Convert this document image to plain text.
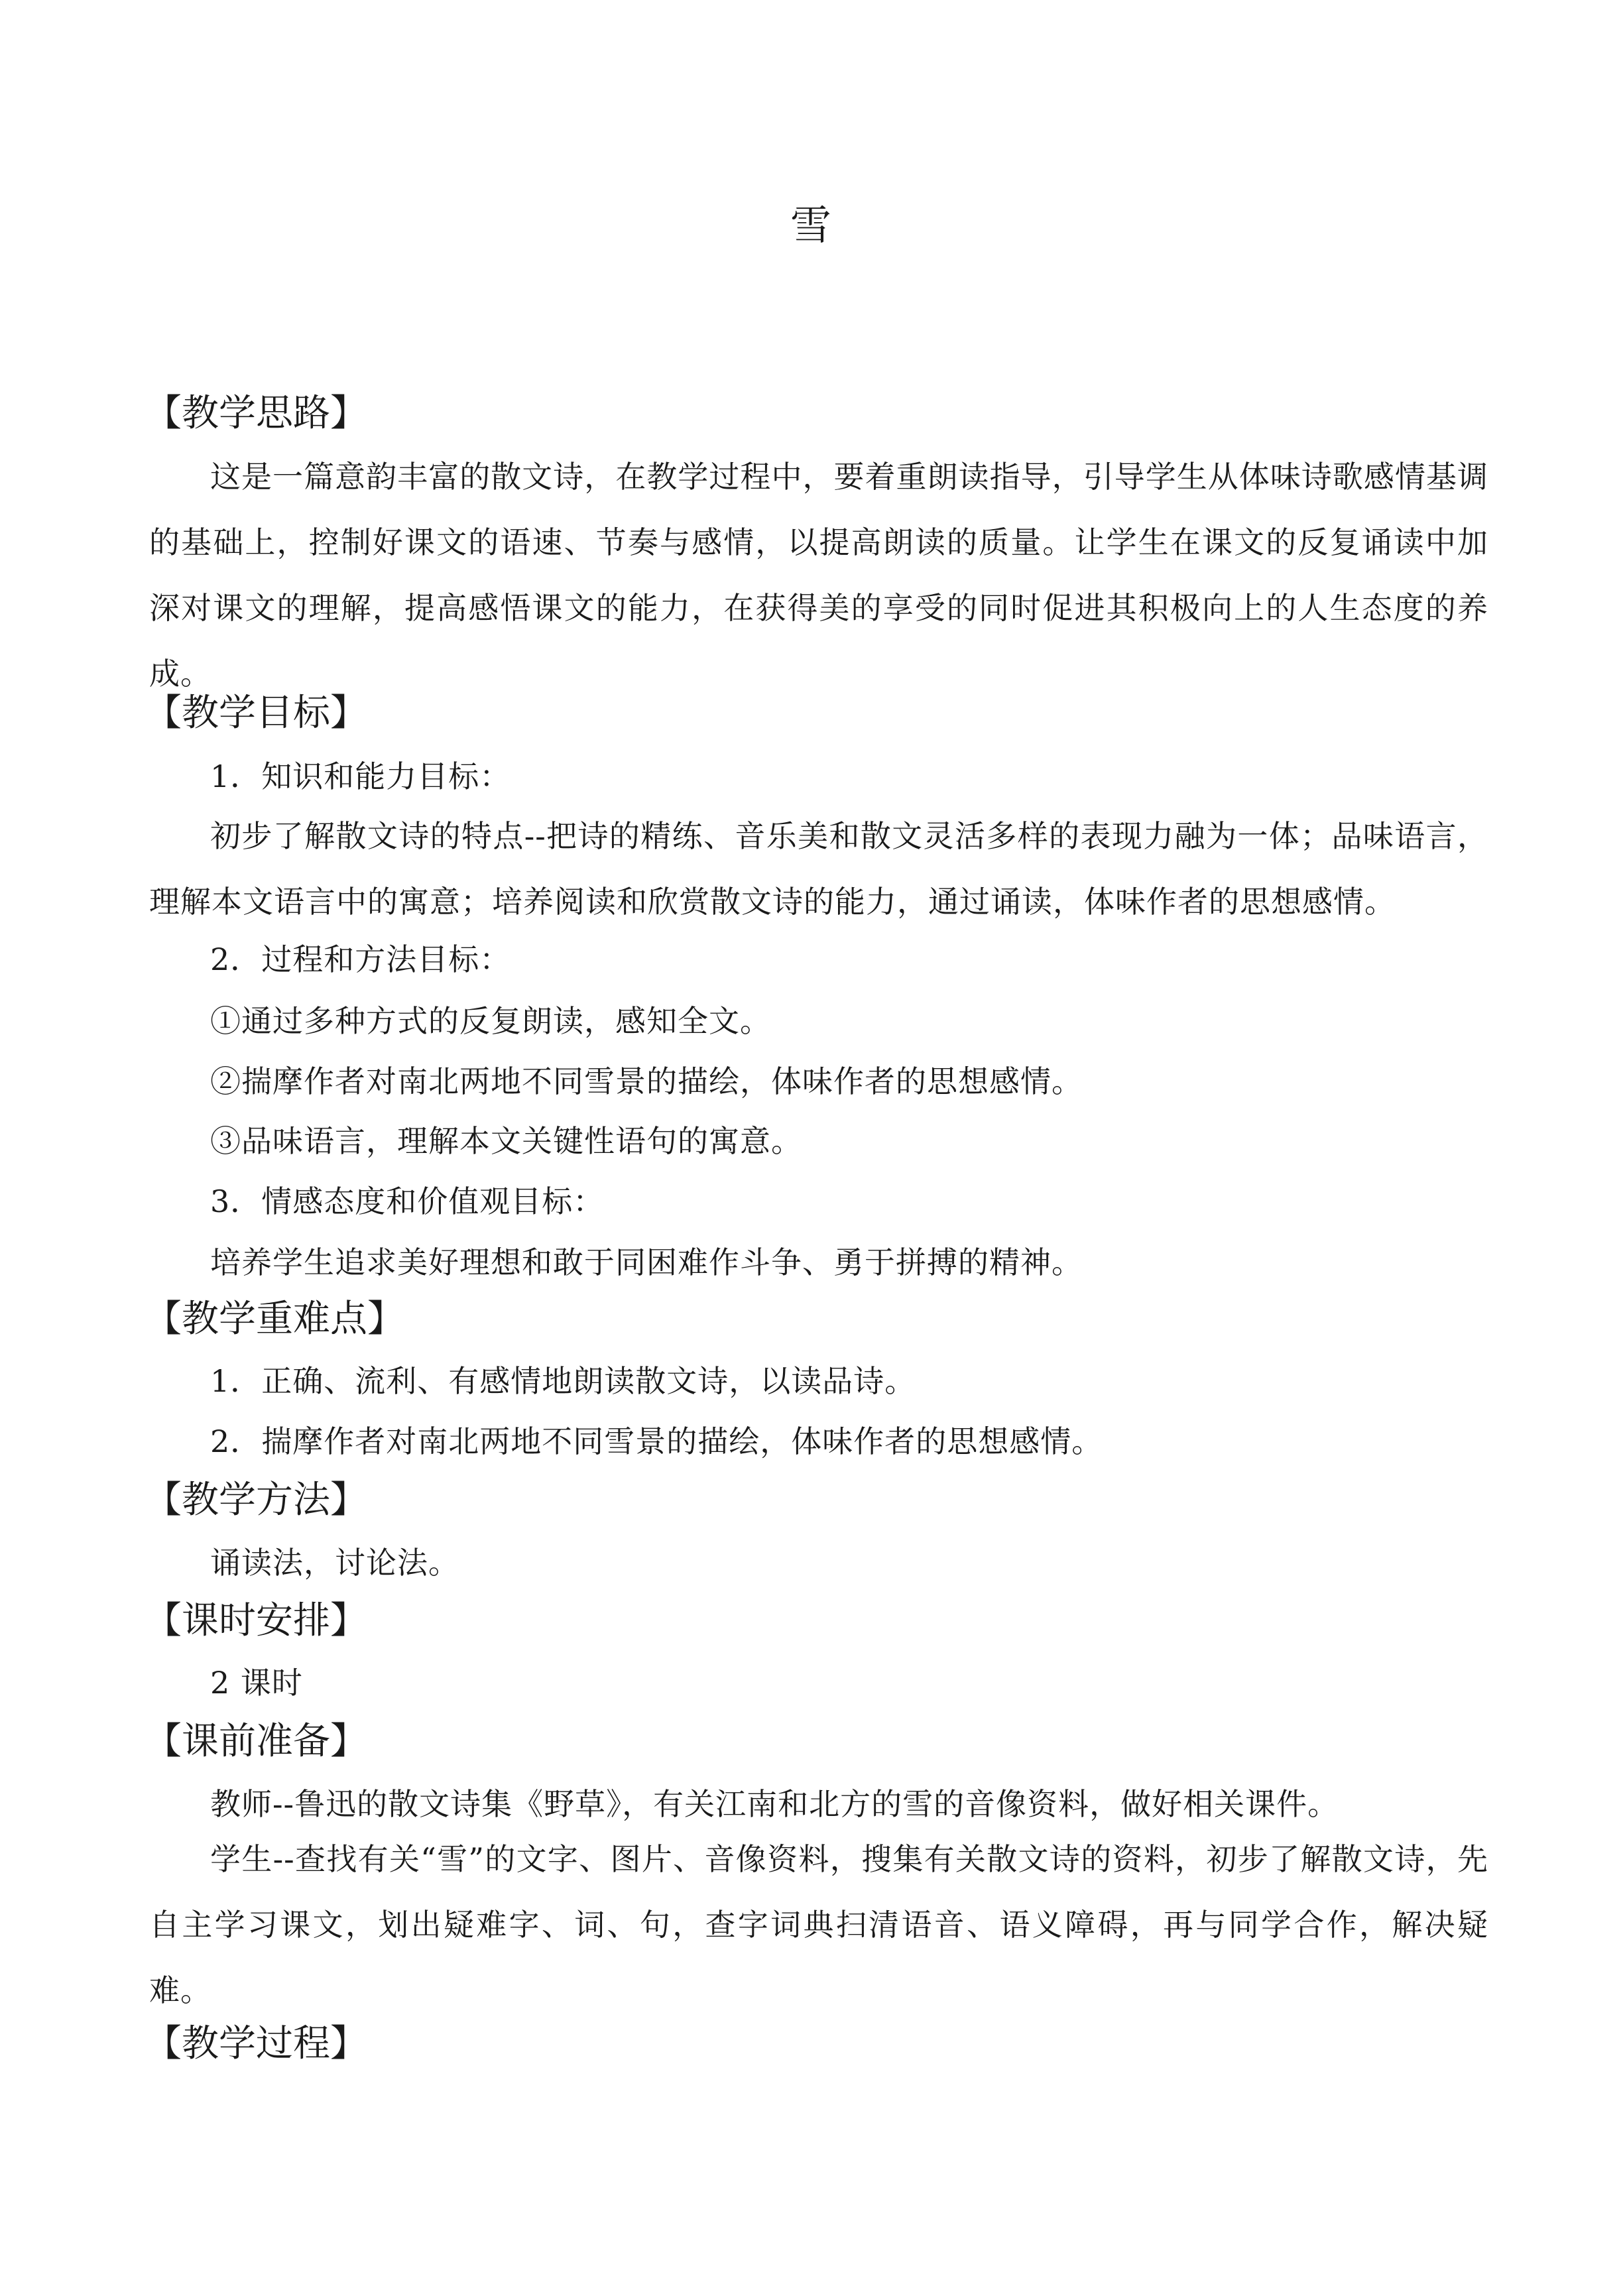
雪
【教学思路】
这是一篇意韵丰富的散文诗，在教学过程中，要着重朗读指导，引导学生从体味诗歌感情基调的基础上，控制好课文的语速、节奏与感情，以提高朗读的质量。让学生在课文的反复诵读中加深对课文的理解，提高感悟课文的能力，在获得美的享受的同时促进其积极向上的人生态度的养成。
【教学目标】
1．知识和能力目标：
初步了解散文诗的特点--把诗的精练、音乐美和散文灵活多样的表现力融为一体；品味语言，理解本文语言中的寓意；培养阅读和欣赏散文诗的能力，通过诵读，体味作者的思想感情。
2．过程和方法目标：
①通过多种方式的反复朗读，感知全文。
②揣摩作者对南北两地不同雪景的描绘，体味作者的思想感情。
③品味语言，理解本文关键性语句的寓意。
3．情感态度和价值观目标：
培养学生追求美好理想和敢于同困难作斗争、勇于拼搏的精神。
【教学重难点】
1．正确、流利、有感情地朗读散文诗，以读品诗。
2．揣摩作者对南北两地不同雪景的描绘，体味作者的思想感情。
【教学方法】
诵读法，讨论法。
【课时安排】
2 课时
【课前准备】
教师--鲁迅的散文诗集《野草》，有关江南和北方的雪的音像资料，做好相关课件。
学生--查找有关“雪”的文字、图片、音像资料，搜集有关散文诗的资料，初步了解散文诗，先自主学习课文，划出疑难字、词、句，查字词典扫清语音、语义障碍，再与同学合作，解决疑难。
【教学过程】
